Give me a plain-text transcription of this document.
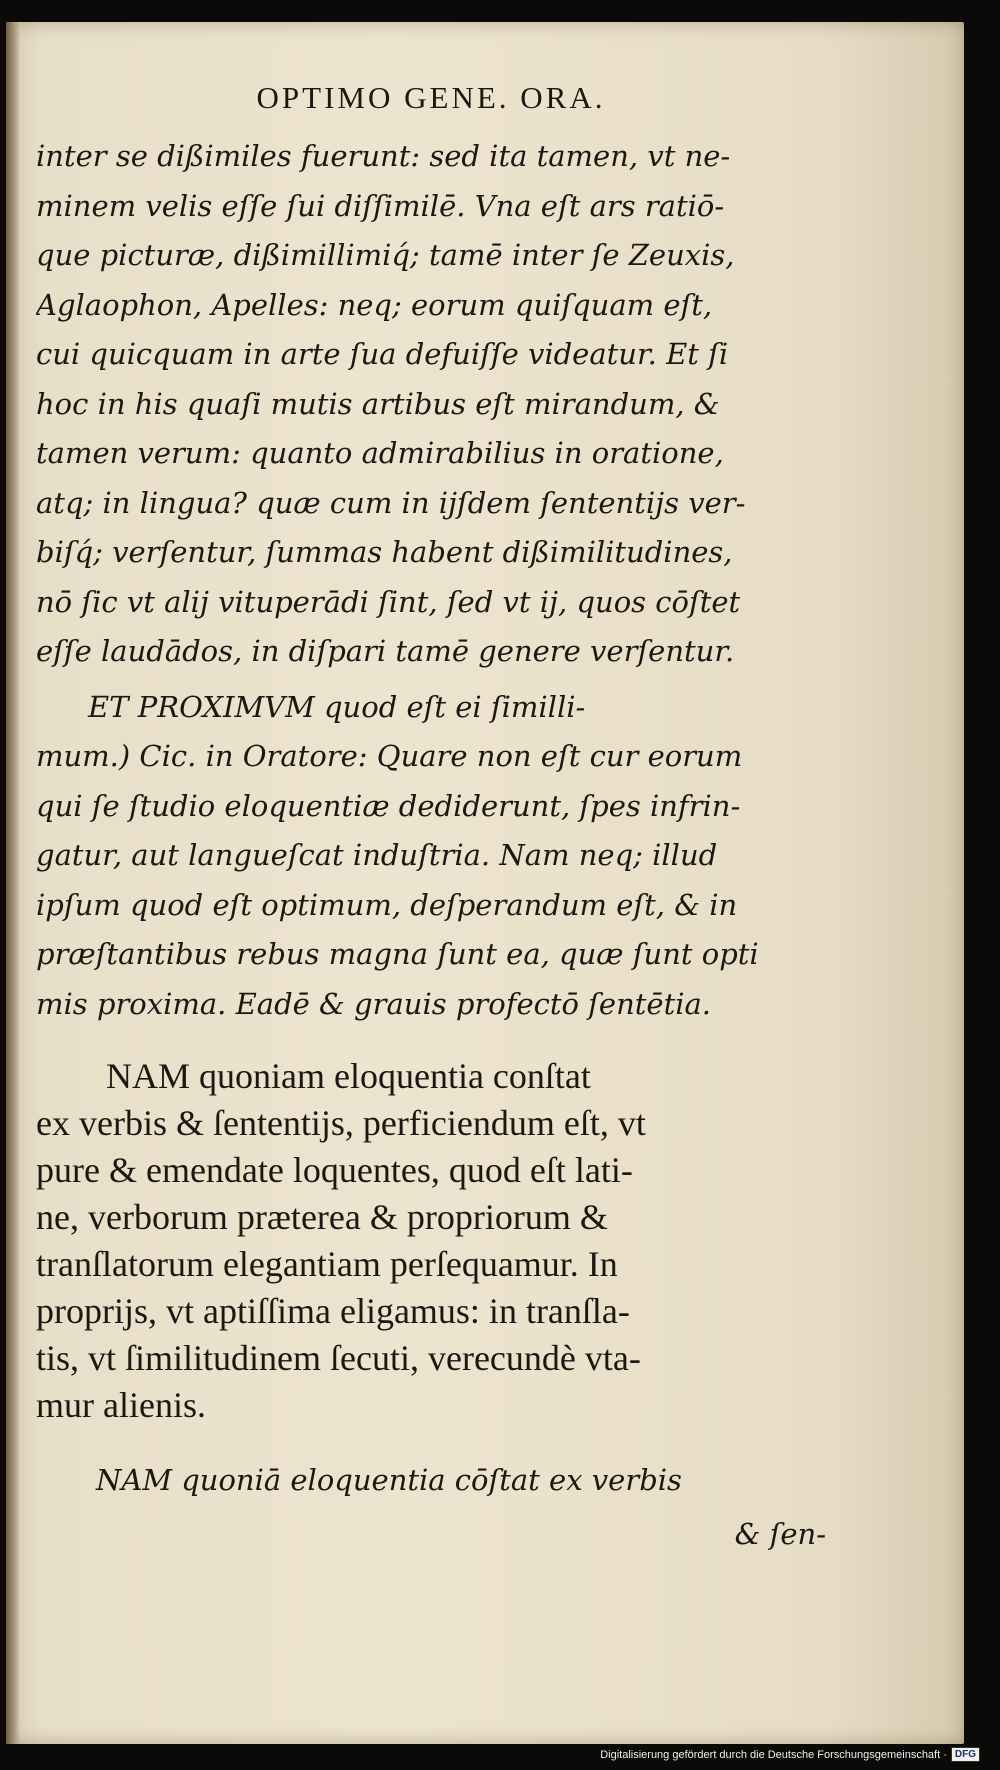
OPTIMO GENE. ORA.
inter se dißimiles fuerunt: sed ita tamen, vt ne-
minem velis eſſe ſui diſſimilē. Vna eſt ars ratiō-
que picturæ, dißimillimiq́; tamē inter ſe Zeuxis,
Aglaophon, Apelles: neq; eorum quiſquam eſt,
cui quicquam in arte ſua defuiſſe videatur. Et ſi
hoc in his quaſi mutis artibus eſt mirandum, &
tamen verum: quanto admirabilius in oratione,
atq; in lingua? quæ cum in ijſdem ſententijs ver-
biſq́; verſentur, ſummas habent dißimilitudines,
nō ſic vt alij vituperādi ſint, ſed vt ij, quos cōſtet
eſſe laudādos, in diſpari tamē genere verſentur.
ET PROXIMVM quod eſt ei ſimilli-
mum.) Cic. in Oratore: Quare non eſt cur eorum
qui ſe ſtudio eloquentiæ dediderunt, ſpes infrin-
gatur, aut langueſcat induſtria. Nam neq; illud
ipſum quod eſt optimum, deſperandum eſt, & in
præſtantibus rebus magna ſunt ea, quæ ſunt opti
mis proxima. Eadē & grauis profectō ſentētia.
NAM quoniam eloquentia conſtat
ex verbis & ſententijs, perficiendum eſt, vt
pure & emendate loquentes, quod eſt lati-
ne, verborum præterea & propriorum &
tranſlatorum elegantiam perſequamur. In
proprijs, vt aptiſſima eligamus: in tranſla-
tis, vt ſimilitudinem ſecuti, verecundè vta-
mur alienis.
NAM quoniā eloquentia cōſtat ex verbis
& ſen-
Digitalisierung gefördert durch die Deutsche Forschungsgemeinschaft · DFG
